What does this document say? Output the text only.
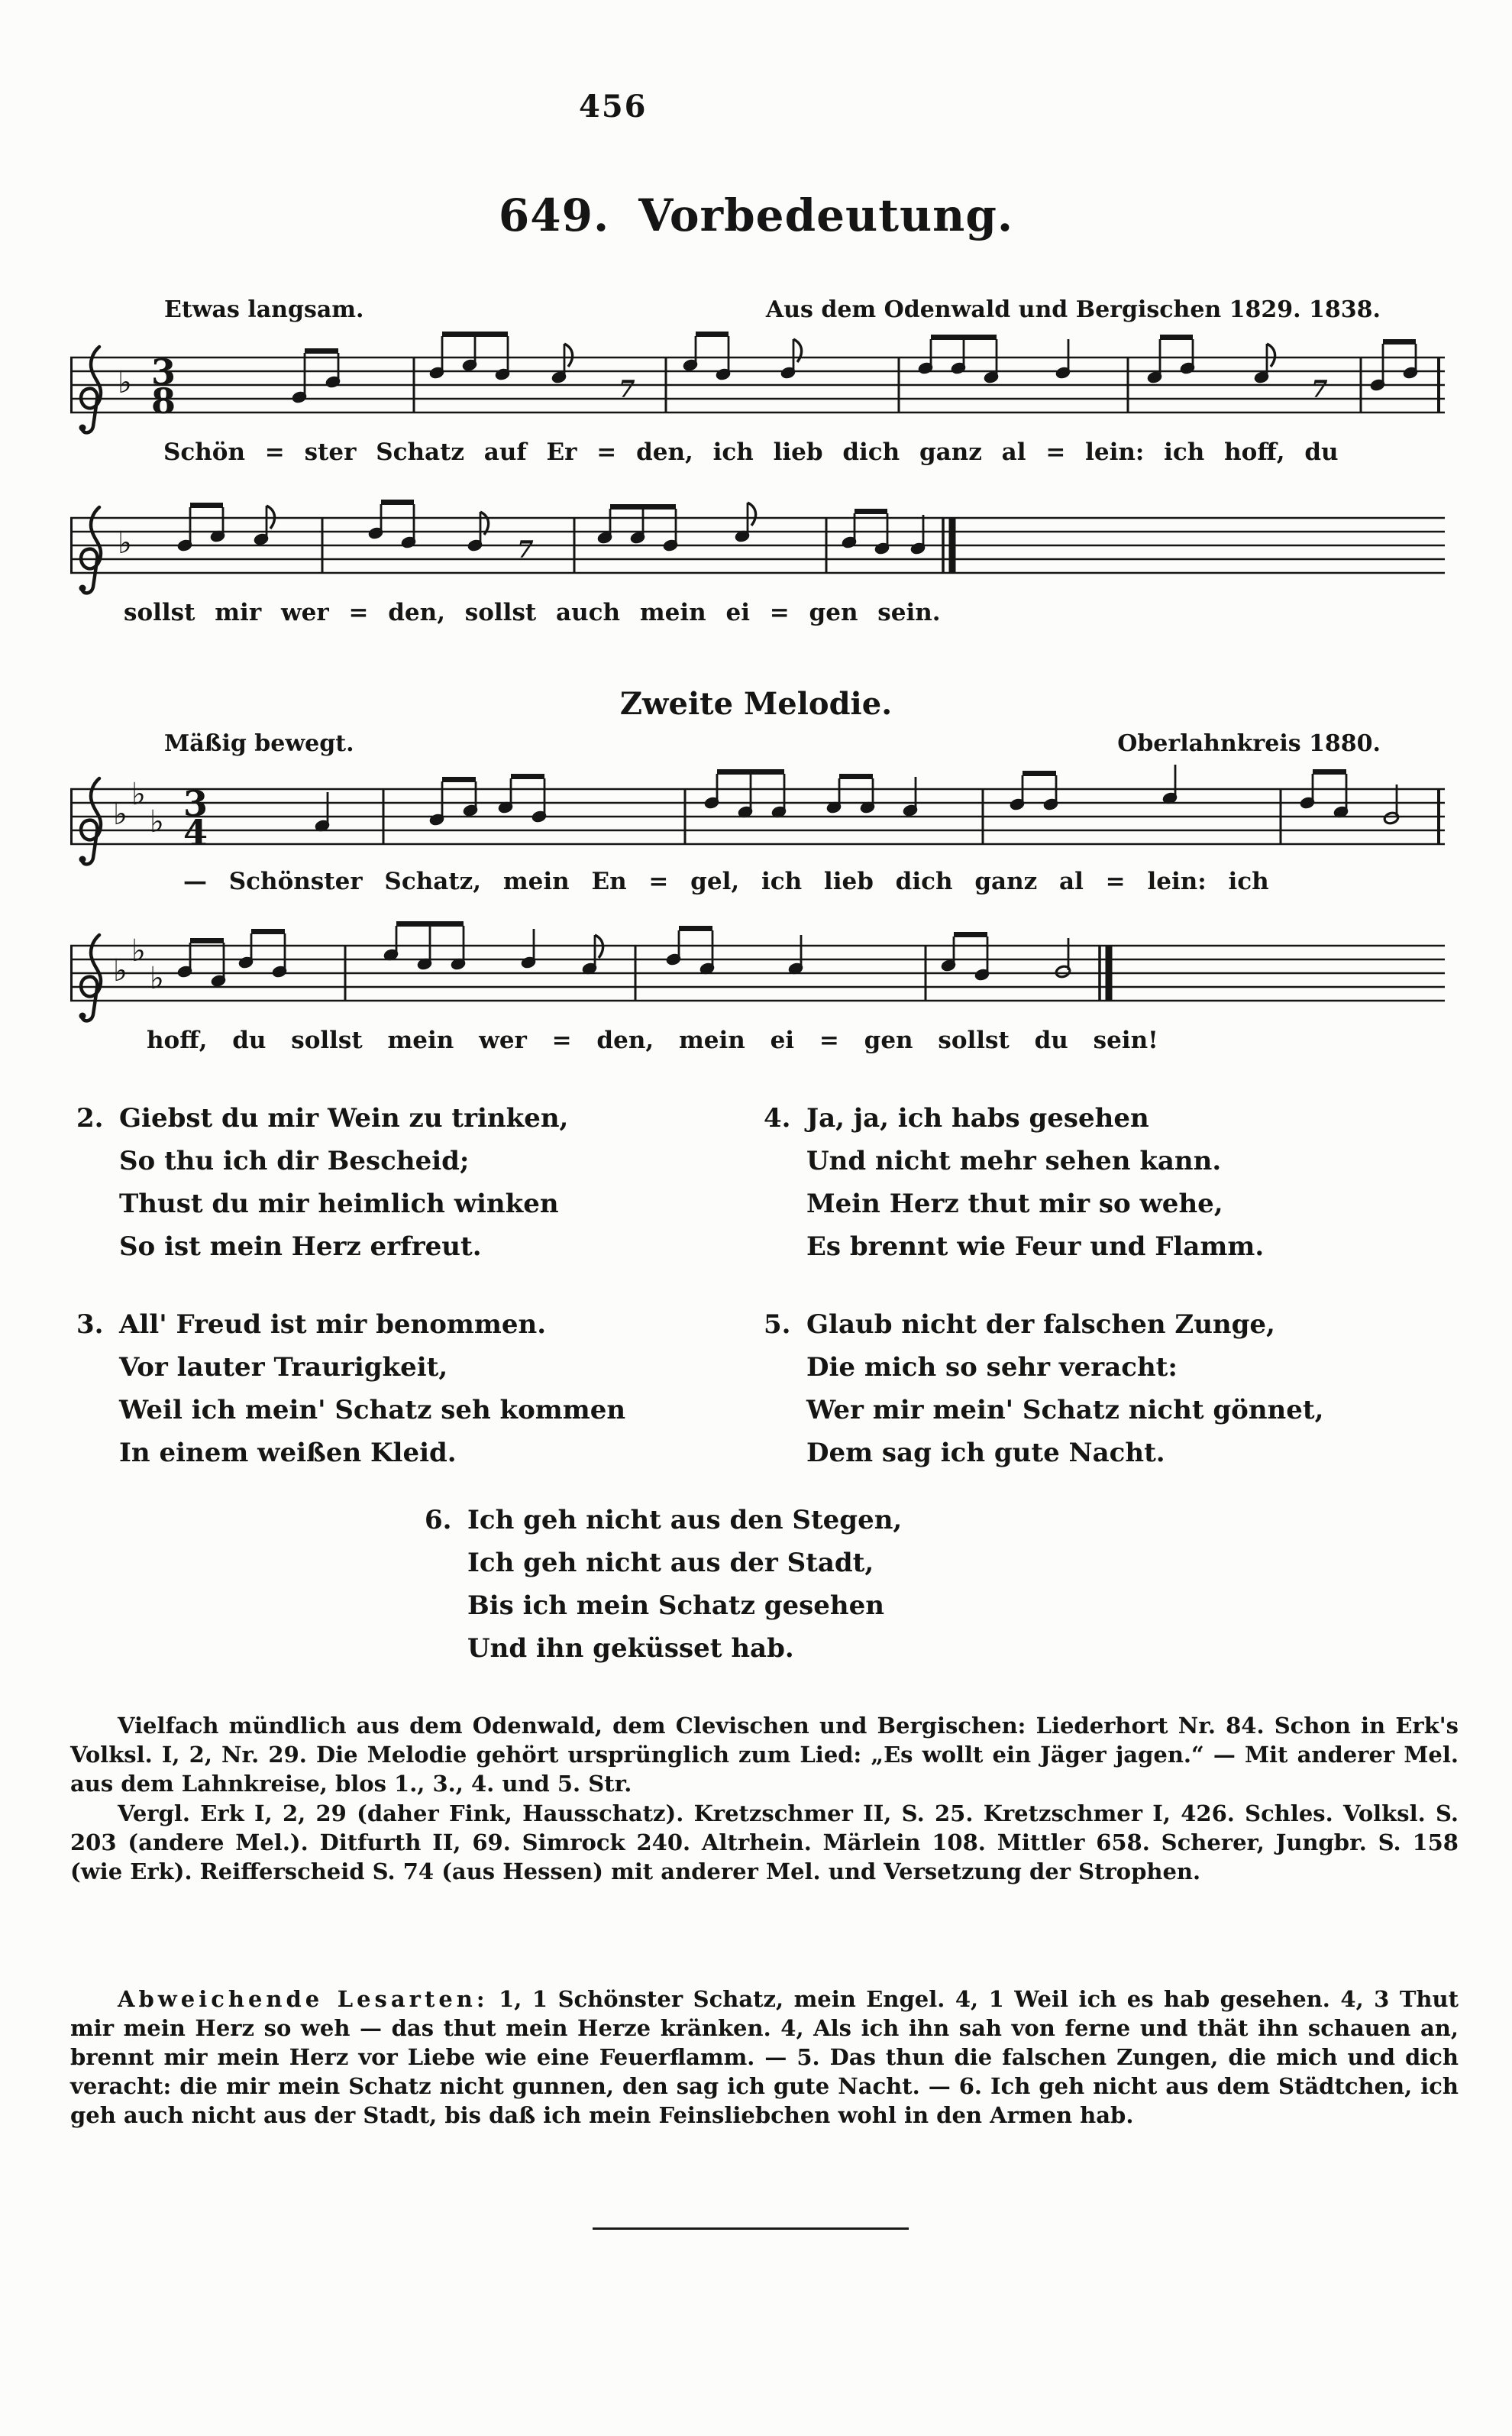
456
649. Vorbedeutung.
Etwas langsam.	Aus dem Odenwald und Bergischen 1829. 1838.
♭ 3
8	7	7
Schön = ster Schatz auf Er = den, ich lieb dich ganz al = lein: ich hoff, du
♭	7
sollst mir wer = den, sollst auch mein ei = gen sein.
Zweite Melodie.
Mäßig bewegt.	Oberlahnkreis 1880.
♭
♭
♭ 3
4
— Schönster Schatz, mein En = gel, ich lieb dich ganz al = lein: ich
♭
♭
♭
hoff, du sollst mein wer = den, mein ei = gen sollst du sein!
2. Giebst du mir Wein zu trinken,
So thu ich dir Bescheid;
Thust du mir heimlich winken
So ist mein Herz erfreut.
4. Ja, ja, ich habs gesehen
Und nicht mehr sehen kann.
Mein Herz thut mir so wehe,
Es brennt wie Feur und Flamm.
3. All' Freud ist mir benommen.
Vor lauter Traurigkeit,
Weil ich mein' Schatz seh kommen
In einem weißen Kleid.
5. Glaub nicht der falschen Zunge,
Die mich so sehr veracht:
Wer mir mein' Schatz nicht gönnet,
Dem sag ich gute Nacht.
6. Ich geh nicht aus den Stegen,
Ich geh nicht aus der Stadt,
Bis ich mein Schatz gesehen
Und ihn geküsset hab.

Vielfach mündlich aus dem Odenwald, dem Clevischen und Bergischen: Liederhort Nr. 84. Schon in Erk's Volksl. I, 2, Nr. 29. Die Melodie gehört ursprünglich zum Lied: „Es wollt ein Jäger jagen.“ — Mit anderer Mel. aus dem Lahnkreise, blos 1., 3., 4. und 5. Str.

Vergl. Erk I, 2, 29 (daher Fink, Hausschatz). Kretzschmer II, S. 25. Kretzschmer I, 426. Schles. Volksl. S. 203 (andere Mel.). Ditfurth II, 69. Simrock 240. Altrhein. Märlein 108. Mittler 658. Scherer, Jungbr. S. 158 (wie Erk). Reifferscheid S. 74 (aus Hessen) mit anderer Mel. und Versetzung der Strophen.

Abweichende Lesarten: 1, 1 Schönster Schatz, mein Engel. 4, 1 Weil ich es hab gesehen. 4, 3 Thut mir mein Herz so weh — das thut mein Herze kränken. 4, Als ich ihn sah von ferne und thät ihn schauen an, brennt mir mein Herz vor Liebe wie eine Feuerflamm. — 5. Das thun die falschen Zungen, die mich und dich veracht: die mir mein Schatz nicht gunnen, den sag ich gute Nacht. — 6. Ich geh nicht aus dem Städtchen, ich geh auch nicht aus der Stadt, bis daß ich mein Feinsliebchen wohl in den Armen hab.
